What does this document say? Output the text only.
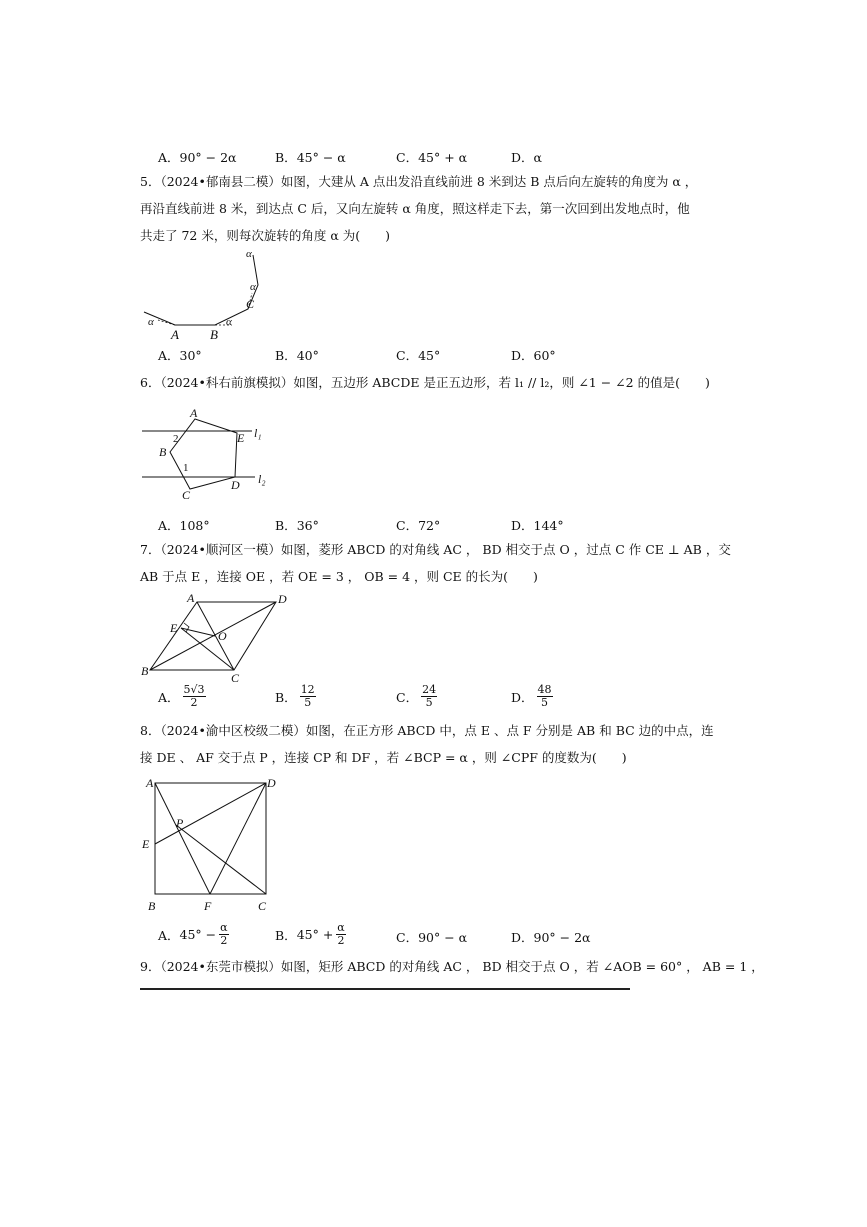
A．90° − 2α	B．45° − α	C．45° + α	D．α
5．（2024•郁南县二模）如图，大建从 A 点出发沿直线前进 8 米到达 B 点后向左旋转的角度为 α ，
再沿直线前进 8 米，到达点 C 后，又向左旋转 α 角度，照这样走下去，第一次回到出发地点时，他
共走了 72 米，则每次旋转的角度 α 为(　　)
A B
C
α	α
α
α
A．30°	B．40°	C．45°	D．60°
6．（2024•科右前旗模拟）如图，五边形 ABCDE 是正五边形，若 l₁ // l₂，则 ∠1 − ∠2 的值是(　　)
A
B
C
D
E
1
2	l₁
l₂
A．108°	B．36°	C．72°	D．144°
7．（2024•顺河区一模）如图，菱形 ABCD 的对角线 AC ， BD 相交于点 O ，过点 C 作 CE ⊥ AB ，交
AB 于点 E ，连接 OE ，若 OE = 3 ， OB = 4 ，则 CE 的长为(　　)
A
B	C
D
E
O
A． $\frac{5√3}{2}$	B． $\frac{12}{5}$	C． $\frac{24}{5}$	D． $\frac{48}{5}$
8．（2024•渝中区校级二模）如图，在正方形 ABCD 中，点 E 、点 F 分别是 AB 和 BC 边的中点，连
接 DE 、 AF 交于点 P ，连接 CP 和 DF ，若 ∠BCP = α ，则 ∠CPF 的度数为(　　)
A
B	C
D
E
F
P
A． $45^\circ - \frac{\alpha}{2}$	B． $45^\circ + \frac{\alpha}{2}$	C．90° − α	D．90° − 2α
9．（2024•东莞市模拟）如图，矩形 ABCD 的对角线 AC ， BD 相交于点 O ，若 ∠AOB = 60° ， AB = 1 ，
